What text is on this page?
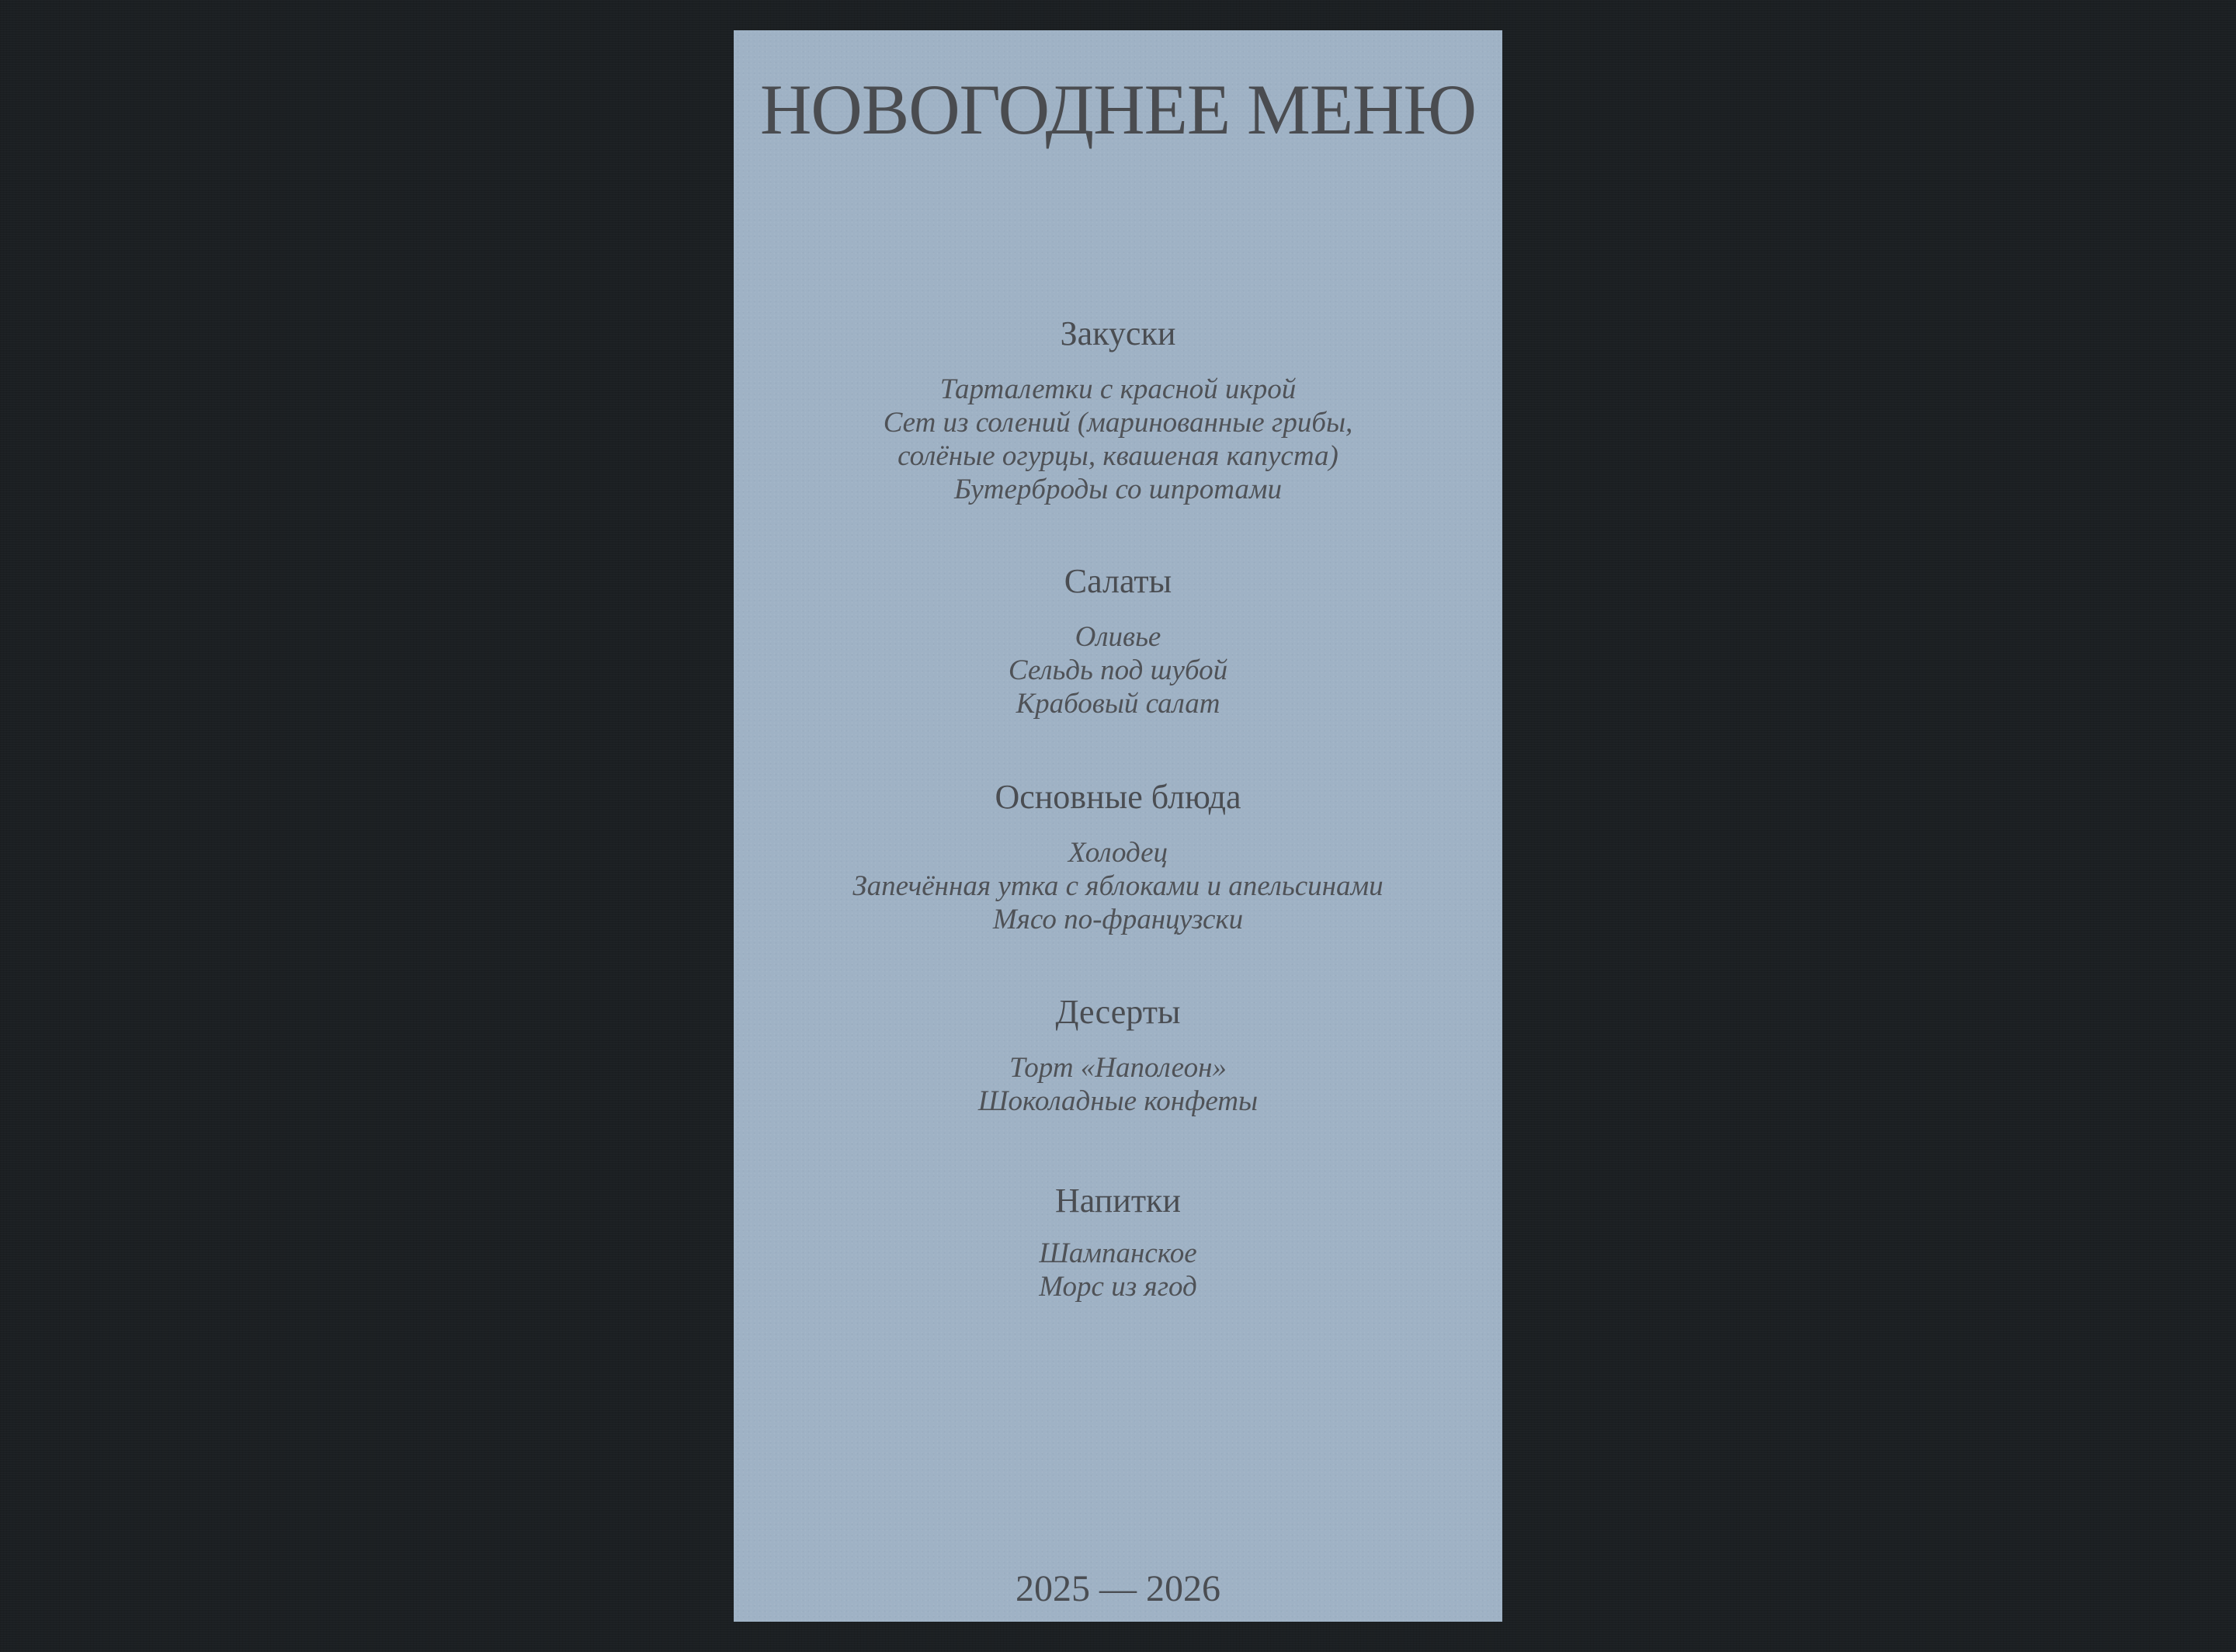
НОВОГОДНЕЕ МЕНЮ
Закуски
Тарталетки с красной икрой
Сет из солений (маринованные грибы,
солёные огурцы, квашеная капуста)
Бутерброды со шпротами
Салаты
Оливье
Сельдь под шубой
Крабовый салат
Основные блюда
Холодец
Запечённая утка с яблоками и апельсинами
Мясо по-французски
Десерты
Торт «Наполеон»
Шоколадные конфеты
Напитки
Шампанское
Морс из ягод
2025 — 2026
